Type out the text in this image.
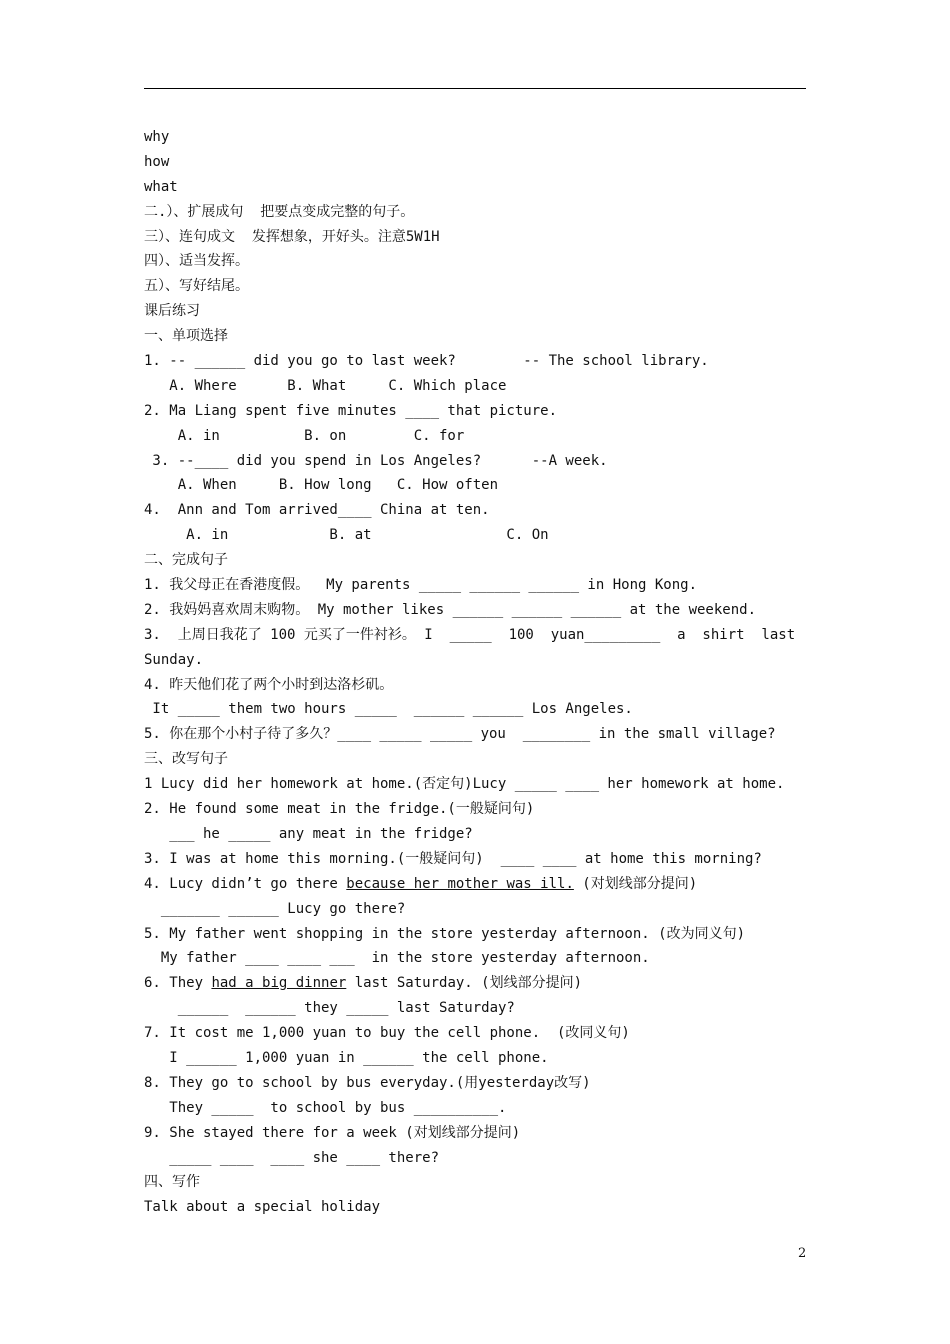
why
how
what
二.）、扩展成句  把要点变成完整的句子。
三）、连句成文  发挥想象，开好头。注意5W1H
四）、适当发挥。
五）、写好结尾。
课后练习
一、单项选择
1. -- ______ did you go to last week?        -- The school library.
A. Where      B. What     C. Which place
2. Ma Liang spent five minutes ____ that picture.
A. in          B. on        C. for
3. --____ did you spend in Los Angeles?      --A week.
A. When     B. How long   C. How often
4.  Ann and Tom arrived____ China at ten.
A. in            B. at                C. On
二、完成句子
1. 我父母正在香港度假。  My parents _____ ______ ______ in Hong Kong.
2. 我妈妈喜欢周末购物。 My mother likes ______ ______ ______ at the weekend.
3.  上周日我花了 100 元买了一件衬衫。 I  _____  100  yuan_________  a  shirt  last
Sunday.
4. 昨天他们花了两个小时到达洛杉矶。
It _____ them two hours _____  ______ ______ Los Angeles.
5. 你在那个小村子待了多久？____ _____ _____ you  ________ in the small village?
三、改写句子
1 Lucy did her homework at home.(否定句)Lucy _____ ____ her homework at home.
2. He found some meat in the fridge.(一般疑问句)
___ he _____ any meat in the fridge?
3. I was at home this morning.(一般疑问句)  ____ ____ at home this morning?
4. Lucy didn’t go there because her mother was ill. (对划线部分提问)
_______ ______ Lucy go there?
5. My father went shopping in the store yesterday afternoon. (改为同义句)
My father ____ ____ ___  in the store yesterday afternoon.
6. They had a big dinner last Saturday. (划线部分提问)
______  ______ they _____ last Saturday?
7. It cost me 1,000 yuan to buy the cell phone.  (改同义句)
I ______ 1,000 yuan in ______ the cell phone.
8. They go to school by bus everyday.(用yesterday改写)
They _____  to school by bus __________.
9. She stayed there for a week (对划线部分提问)
_____ ____  ____ she ____ there?
四、写作
Talk about a special holiday
2
